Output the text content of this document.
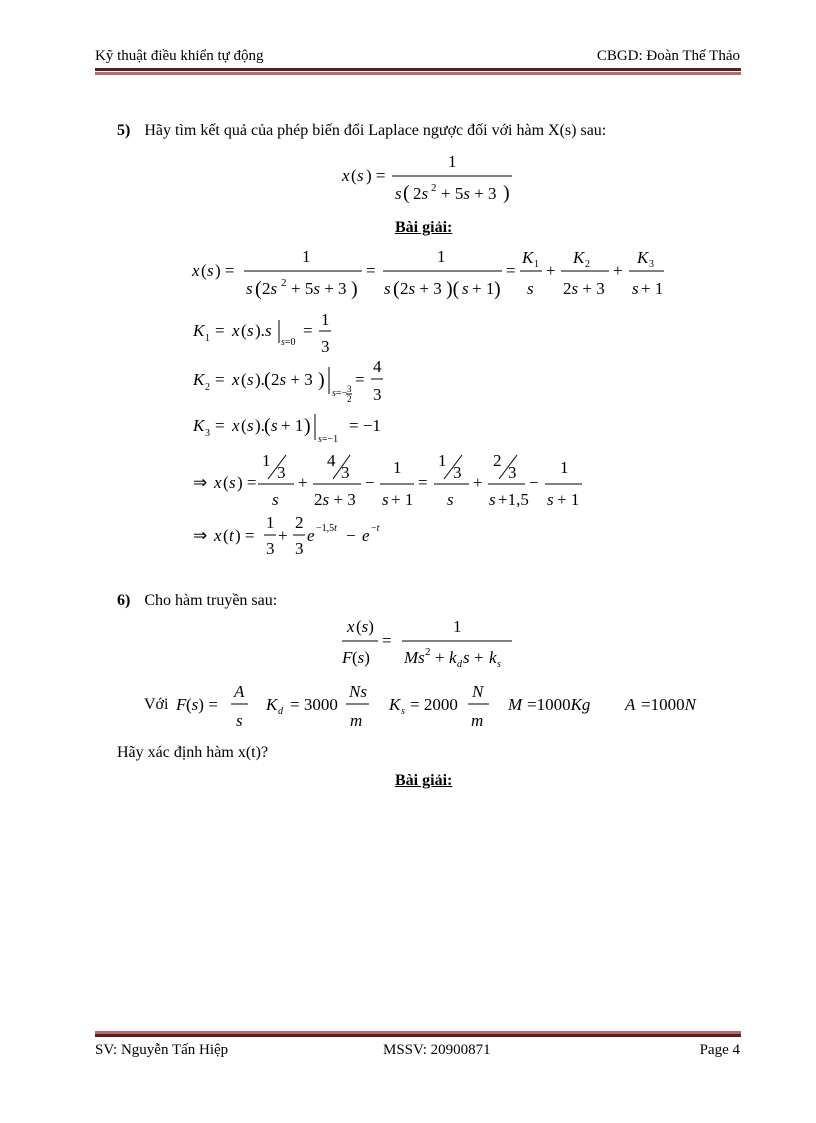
Kỹ thuật điều khiển tự động	CBGD: Đoàn Thế Thảo
5) Hãy tìm kết quả của phép biến đổi Laplace ngược đối với hàm X(s) sau:
x ( s ) =
1
s ( 2s 2 + 5s + 3 )
x ( s ) =
1
s ( 2s 2 + 5s + 3 )
=
1
s ( 2s + 3 )( s + 1 )
=
K 1
s
+
K 2
2s + 3
+
K 3
s + 1
K 1 = x ( s ). s
s=0
=
1
3
K 2 = x ( s ). ( 2s + 3 )
s=− 3
2
=
4
3
K 3 = x ( s ). ( s + 1 )
s=−1
= −1
⇒ x ( s ) =
1
3
s
+
4
3
2s + 3
−
1
s + 1
=
1
3
s
+
2
3
s +1,5
−
1
s + 1
⇒ x ( t ) =
1
3
+
2
3
e −1,5t − e −t
x (s)
F (s)
=
1
Ms 2 + k d s + k s
F (s) =
A
s
K d = 3000
Ns
m
K s = 2000
N
m
M =1000Kg A =1000N
Bài giải:
6) Cho hàm truyền sau:
Với
Hãy xác định hàm x(t)?
Bài giải:
SV: Nguyễn Tấn Hiệp	MSSV: 20900871	Page 4
